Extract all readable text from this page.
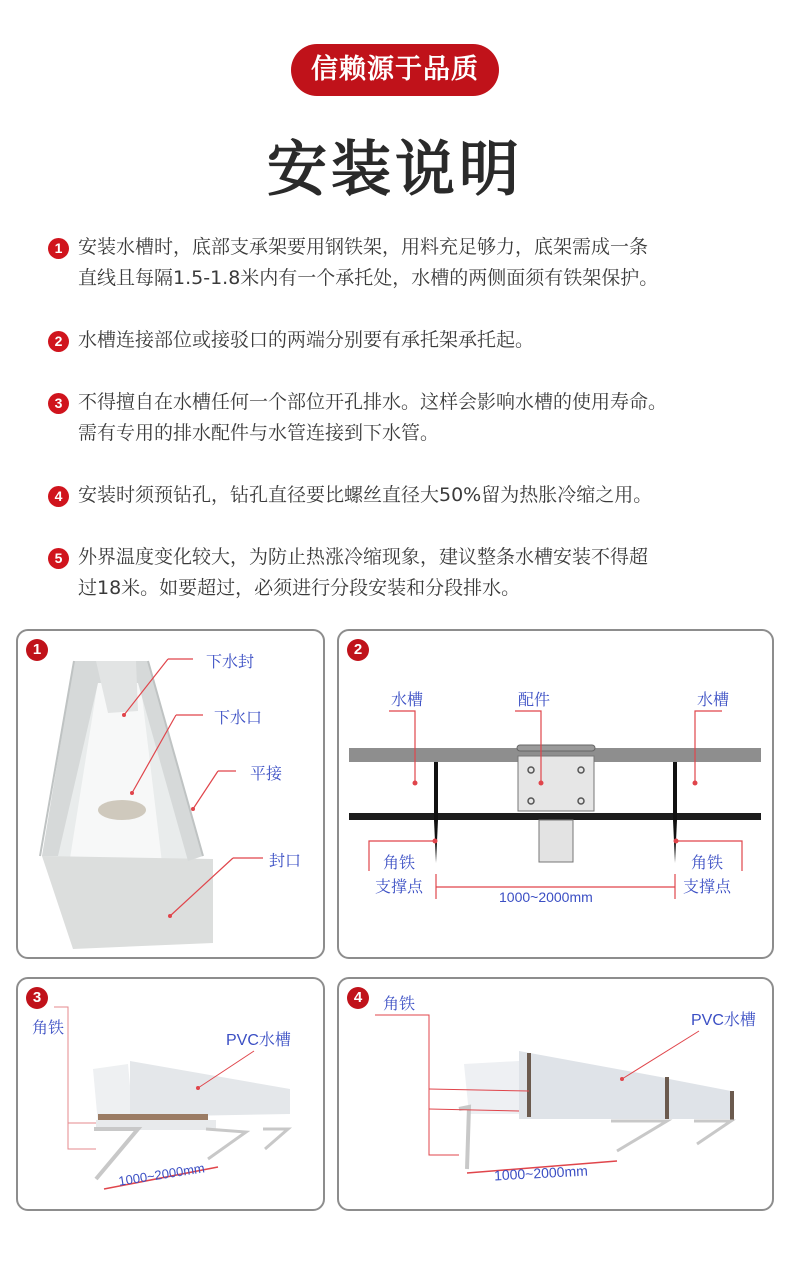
信赖源于品质
安装说明
1 安装水槽时，底部支承架要用钢铁架，用料充足够力，底架需成一条
直线且每隔1.5-1.8米内有一个承托处，水槽的两侧面须有铁架保护。
2 水槽连接部位或接驳口的两端分别要有承托架承托起。
3 不得擅自在水槽任何一个部位开孔排水。这样会影响水槽的使用寿命。
需有专用的排水配件与水管连接到下水管。
4 安装时须预钻孔，钻孔直径要比螺丝直径大50%留为热胀冷缩之用。
5 外界温度变化较大，为防止热涨冷缩现象，建议整条水槽安装不得超
过18米。如要超过，必须进行分段安装和分段排水。
1
下水封
下水口
平接
封口
2
水槽	配件	水槽
角铁
支撑点
角铁
支撑点
1000~2000mm
3
角铁
PVC水槽
1000~2000mm
4	角铁
PVC水槽
1000~2000mm
